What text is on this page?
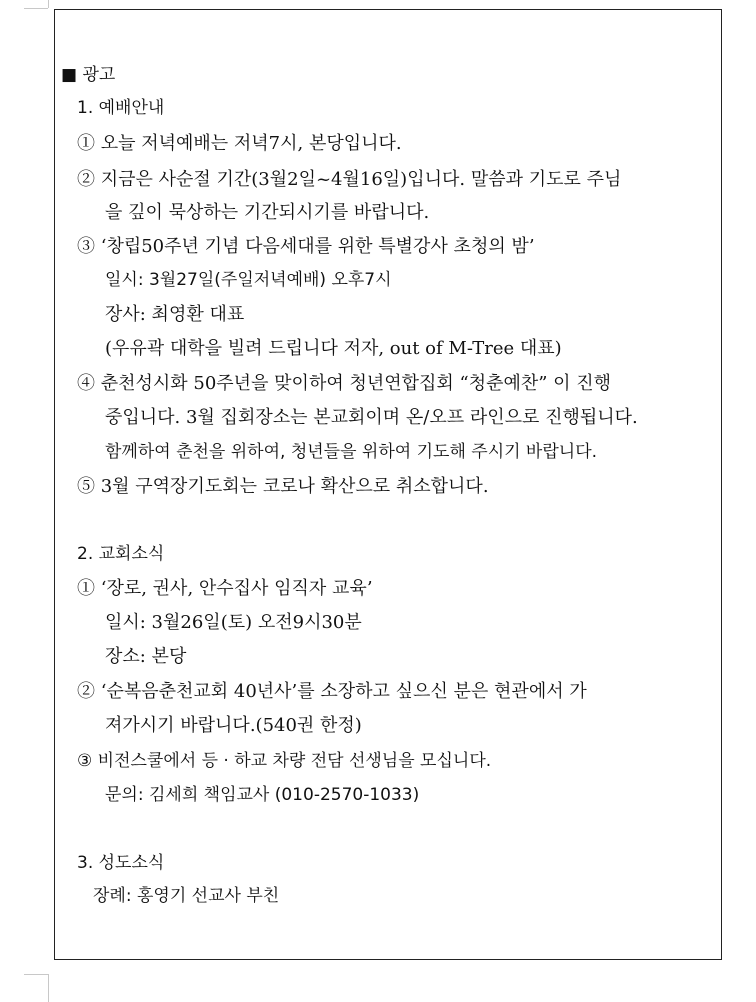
■ 광고
1. 예배안내
① 오늘 저녁예배는 저녁7시, 본당입니다.
② 지금은 사순절 기간(3월2일~4월16일)입니다. 말씀과 기도로 주님
을 깊이 묵상하는 기간되시기를 바랍니다.
③ ‘창립50주년 기념 다음세대를 위한 특별강사 초청의 밤’
일시: 3월27일(주일저녁예배) 오후7시
장사: 최영환 대표
(우유곽 대학을 빌려 드립니다 저자, out of M-Tree 대표)
④ 춘천성시화 50주년을 맞이하여 청년연합집회 “청춘예찬” 이 진행
중입니다. 3월 집회장소는 본교회이며 온/오프 라인으로 진행됩니다.
함께하여 춘천을 위하여, 청년들을 위하여 기도해 주시기 바랍니다.
⑤ 3월 구역장기도회는 코로나 확산으로 취소합니다.
2. 교회소식
① ‘장로, 권사, 안수집사 임직자 교육’
일시: 3월26일(토) 오전9시30분
장소: 본당
② ‘순복음춘천교회 40년사’를 소장하고 싶으신 분은 현관에서 가
져가시기 바랍니다.(540권 한정)
③ 비전스쿨에서 등 · 하교 차량 전담 선생님을 모십니다.
문의: 김세희 책임교사 (010-2570-1033)
3. 성도소식
장례: 홍영기 선교사 부친
